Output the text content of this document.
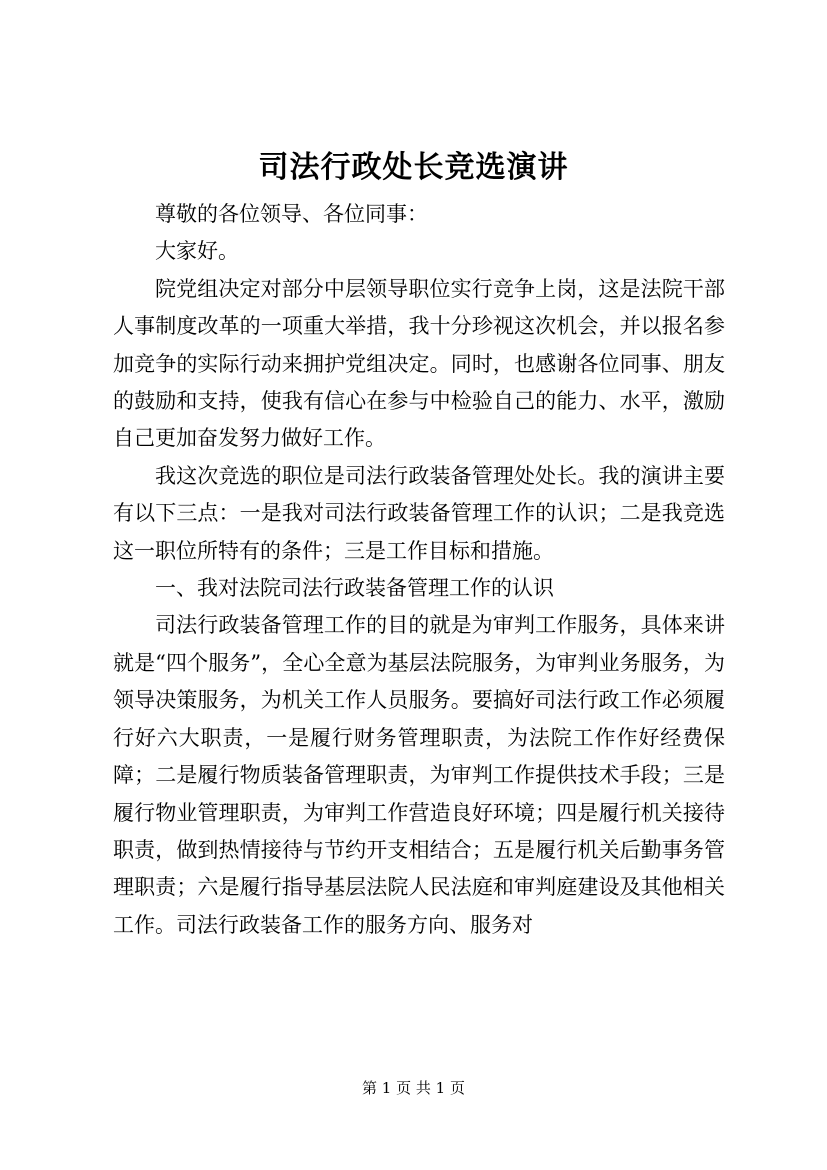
司法行政处长竞选演讲

尊敬的各位领导、各位同事：

大家好。

院党组决定对部分中层领导职位实行竞争上岗，这是法院干部人事制度改革的一项重大举措，我十分珍视这次机会，并以报名参加竞争的实际行动来拥护党组决定。同时，也感谢各位同事、朋友的鼓励和支持，使我有信心在参与中检验自己的能力、水平，激励自己更加奋发努力做好工作。

我这次竞选的职位是司法行政装备管理处处长。我的演讲主要有以下三点：一是我对司法行政装备管理工作的认识；二是我竞选这一职位所特有的条件；三是工作目标和措施。

一、我对法院司法行政装备管理工作的认识

司法行政装备管理工作的目的就是为审判工作服务，具体来讲就是“四个服务”，全心全意为基层法院服务，为审判业务服务，为领导决策服务，为机关工作人员服务。要搞好司法行政工作必须履行好六大职责，一是履行财务管理职责，为法院工作作好经费保障；二是履行物质装备管理职责，为审判工作提供技术手段；三是履行物业管理职责，为审判工作营造良好环境；四是履行机关接待职责，做到热情接待与节约开支相结合；五是履行机关后勤事务管理职责；六是履行指导基层法院人民法庭和审判庭建设及其他相关工作。司法行政装备工作的服务方向、服务对

第 1 页 共 1 页
